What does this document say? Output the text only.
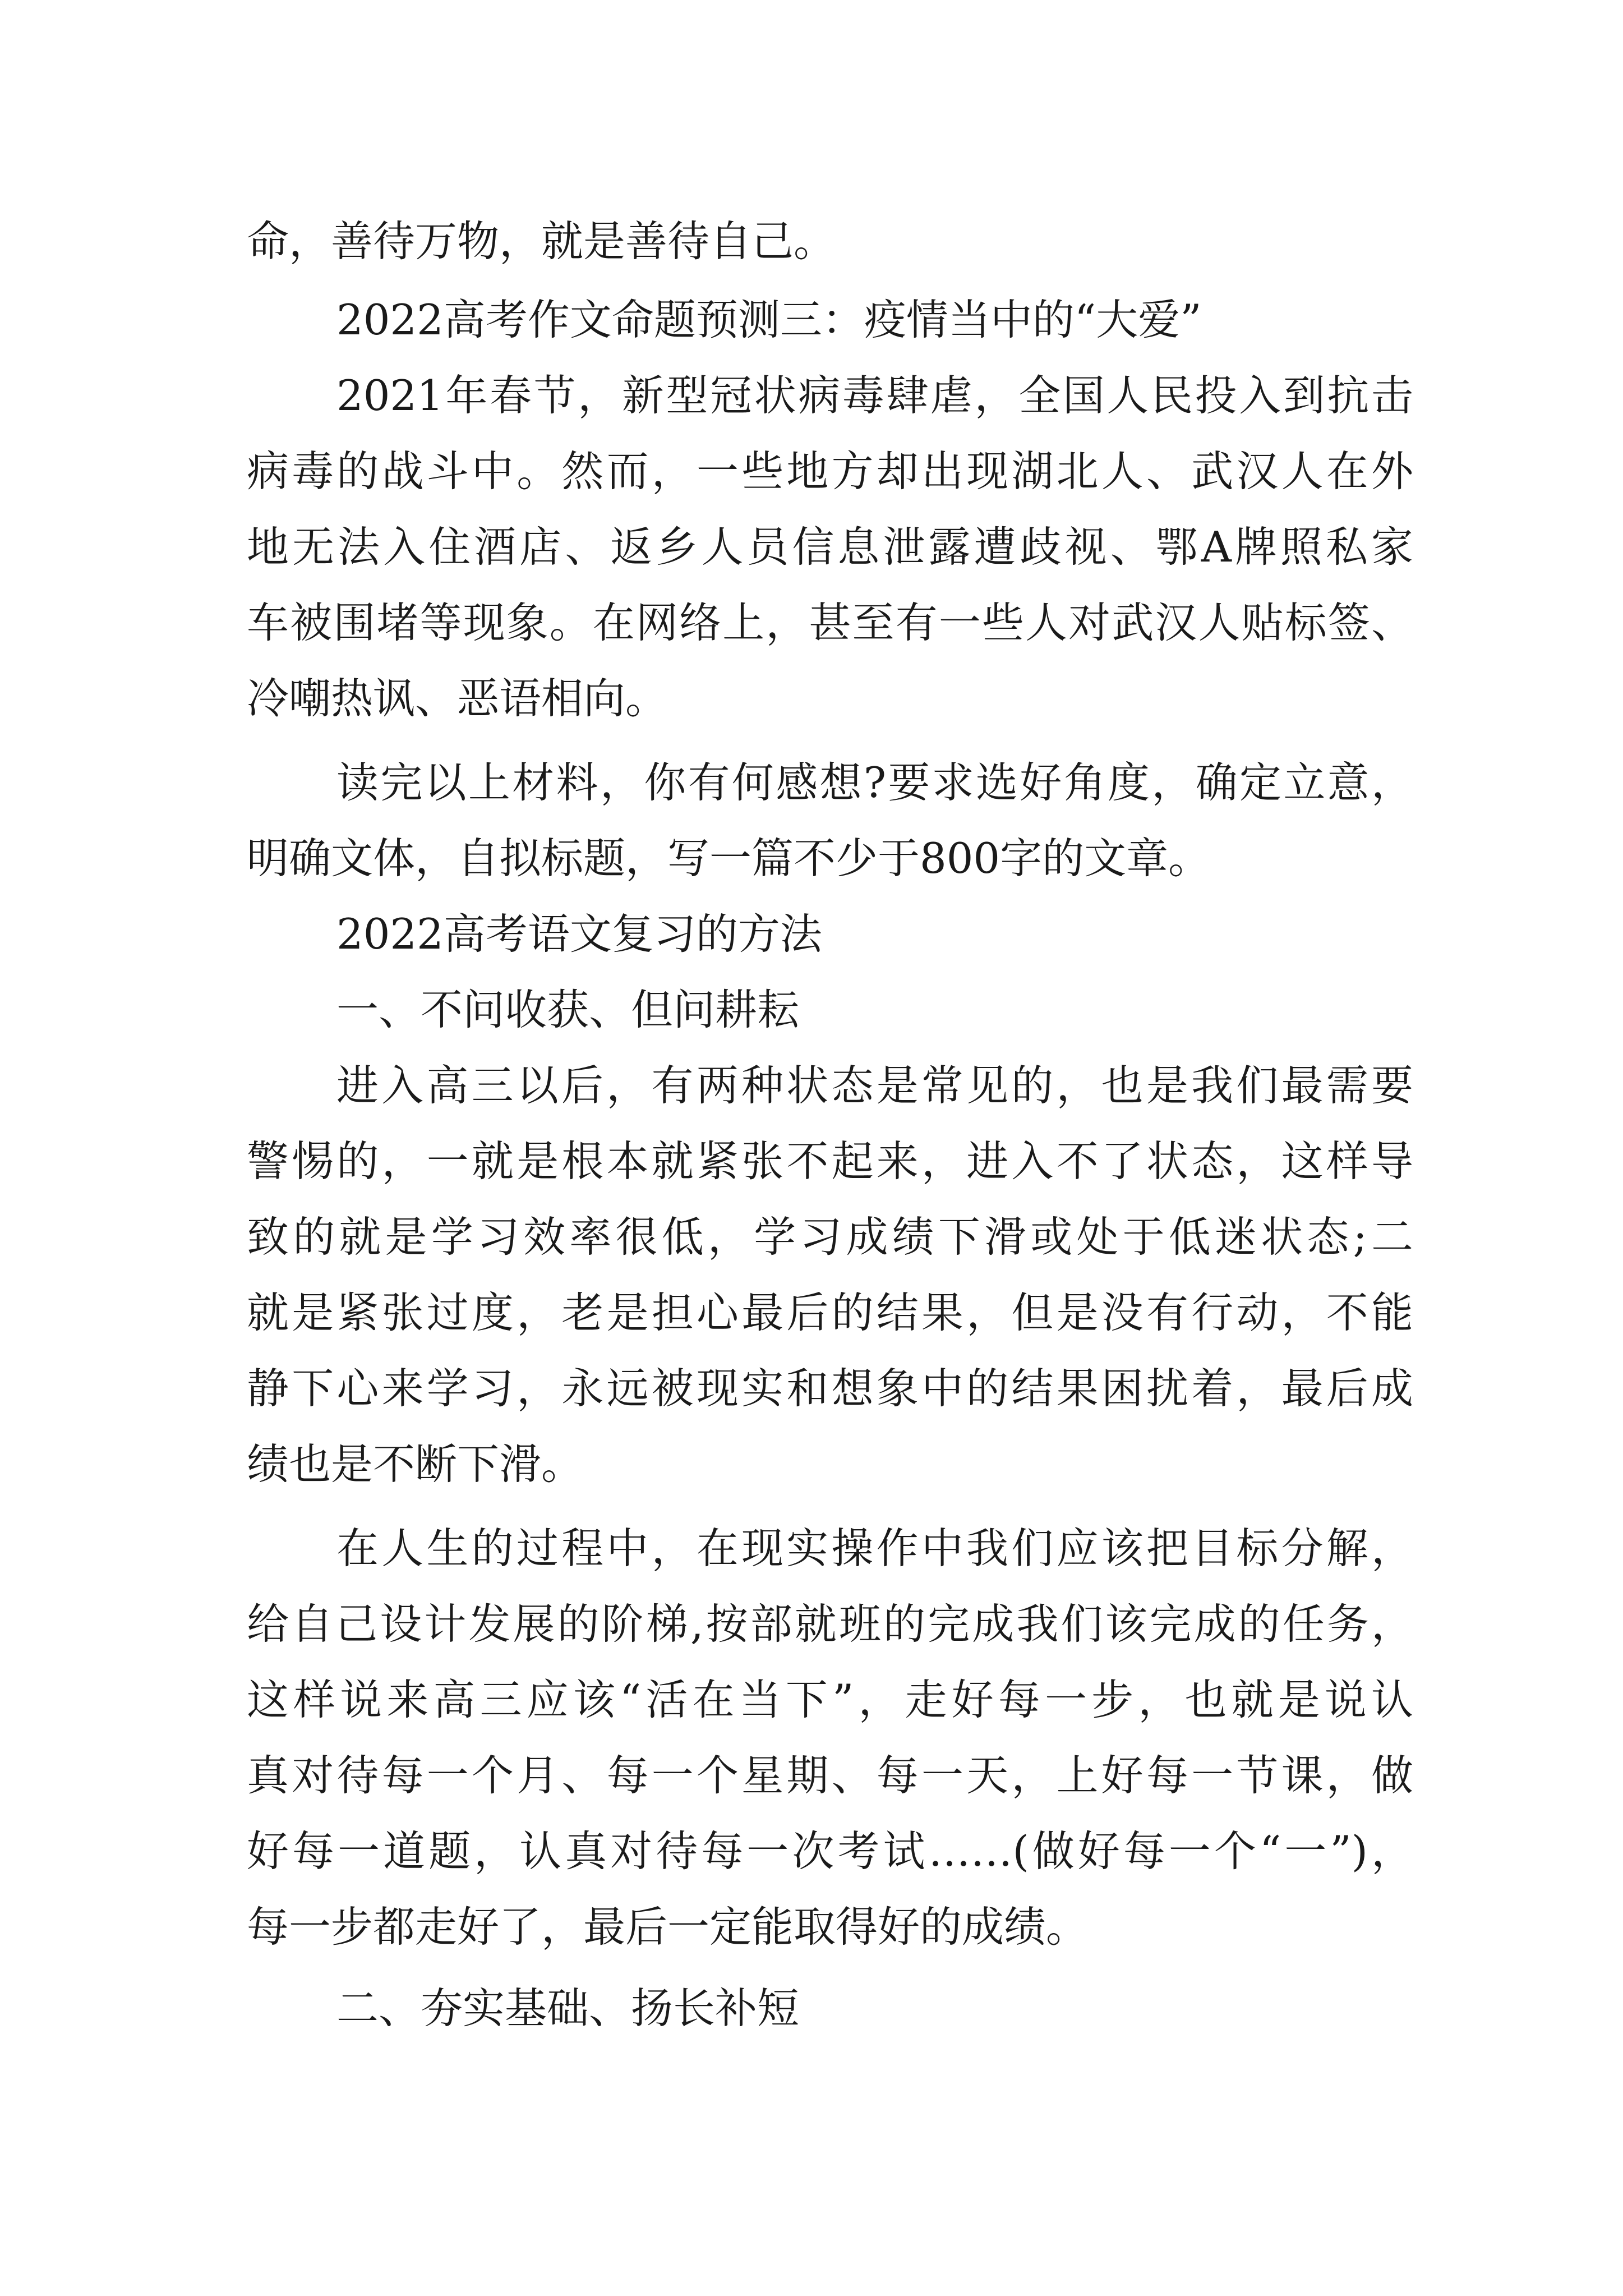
命，善待万物，就是善待自己。
2022高考作文命题预测三：疫情当中的“大爱”
2021年春节，新型冠状病毒肆虐，全国人民投入到抗击
病毒的战斗中。然而，一些地方却出现湖北人、武汉人在外
地无法入住酒店、返乡人员信息泄露遭歧视、鄂A牌照私家
车被围堵等现象。在网络上，甚至有一些人对武汉人贴标签、
冷嘲热讽、恶语相向。
读完以上材料，你有何感想?要求选好角度，确定立意，
明确文体，自拟标题，写一篇不少于800字的文章。
2022高考语文复习的方法
一、不问收获、但问耕耘
进入高三以后，有两种状态是常见的，也是我们最需要
警惕的，一就是根本就紧张不起来，进入不了状态，这样导
致的就是学习效率很低，学习成绩下滑或处于低迷状态;二
就是紧张过度，老是担心最后的结果，但是没有行动，不能
静下心来学习，永远被现实和想象中的结果困扰着，最后成
绩也是不断下滑。
在人生的过程中，在现实操作中我们应该把目标分解，
给自己设计发展的阶梯,按部就班的完成我们该完成的任务，
这样说来高三应该“活在当下”，走好每一步，也就是说认
真对待每一个月、每一个星期、每一天，上好每一节课，做
好每一道题，认真对待每一次考试……(做好每一个“一”)，
每一步都走好了，最后一定能取得好的成绩。
二、夯实基础、扬长补短
